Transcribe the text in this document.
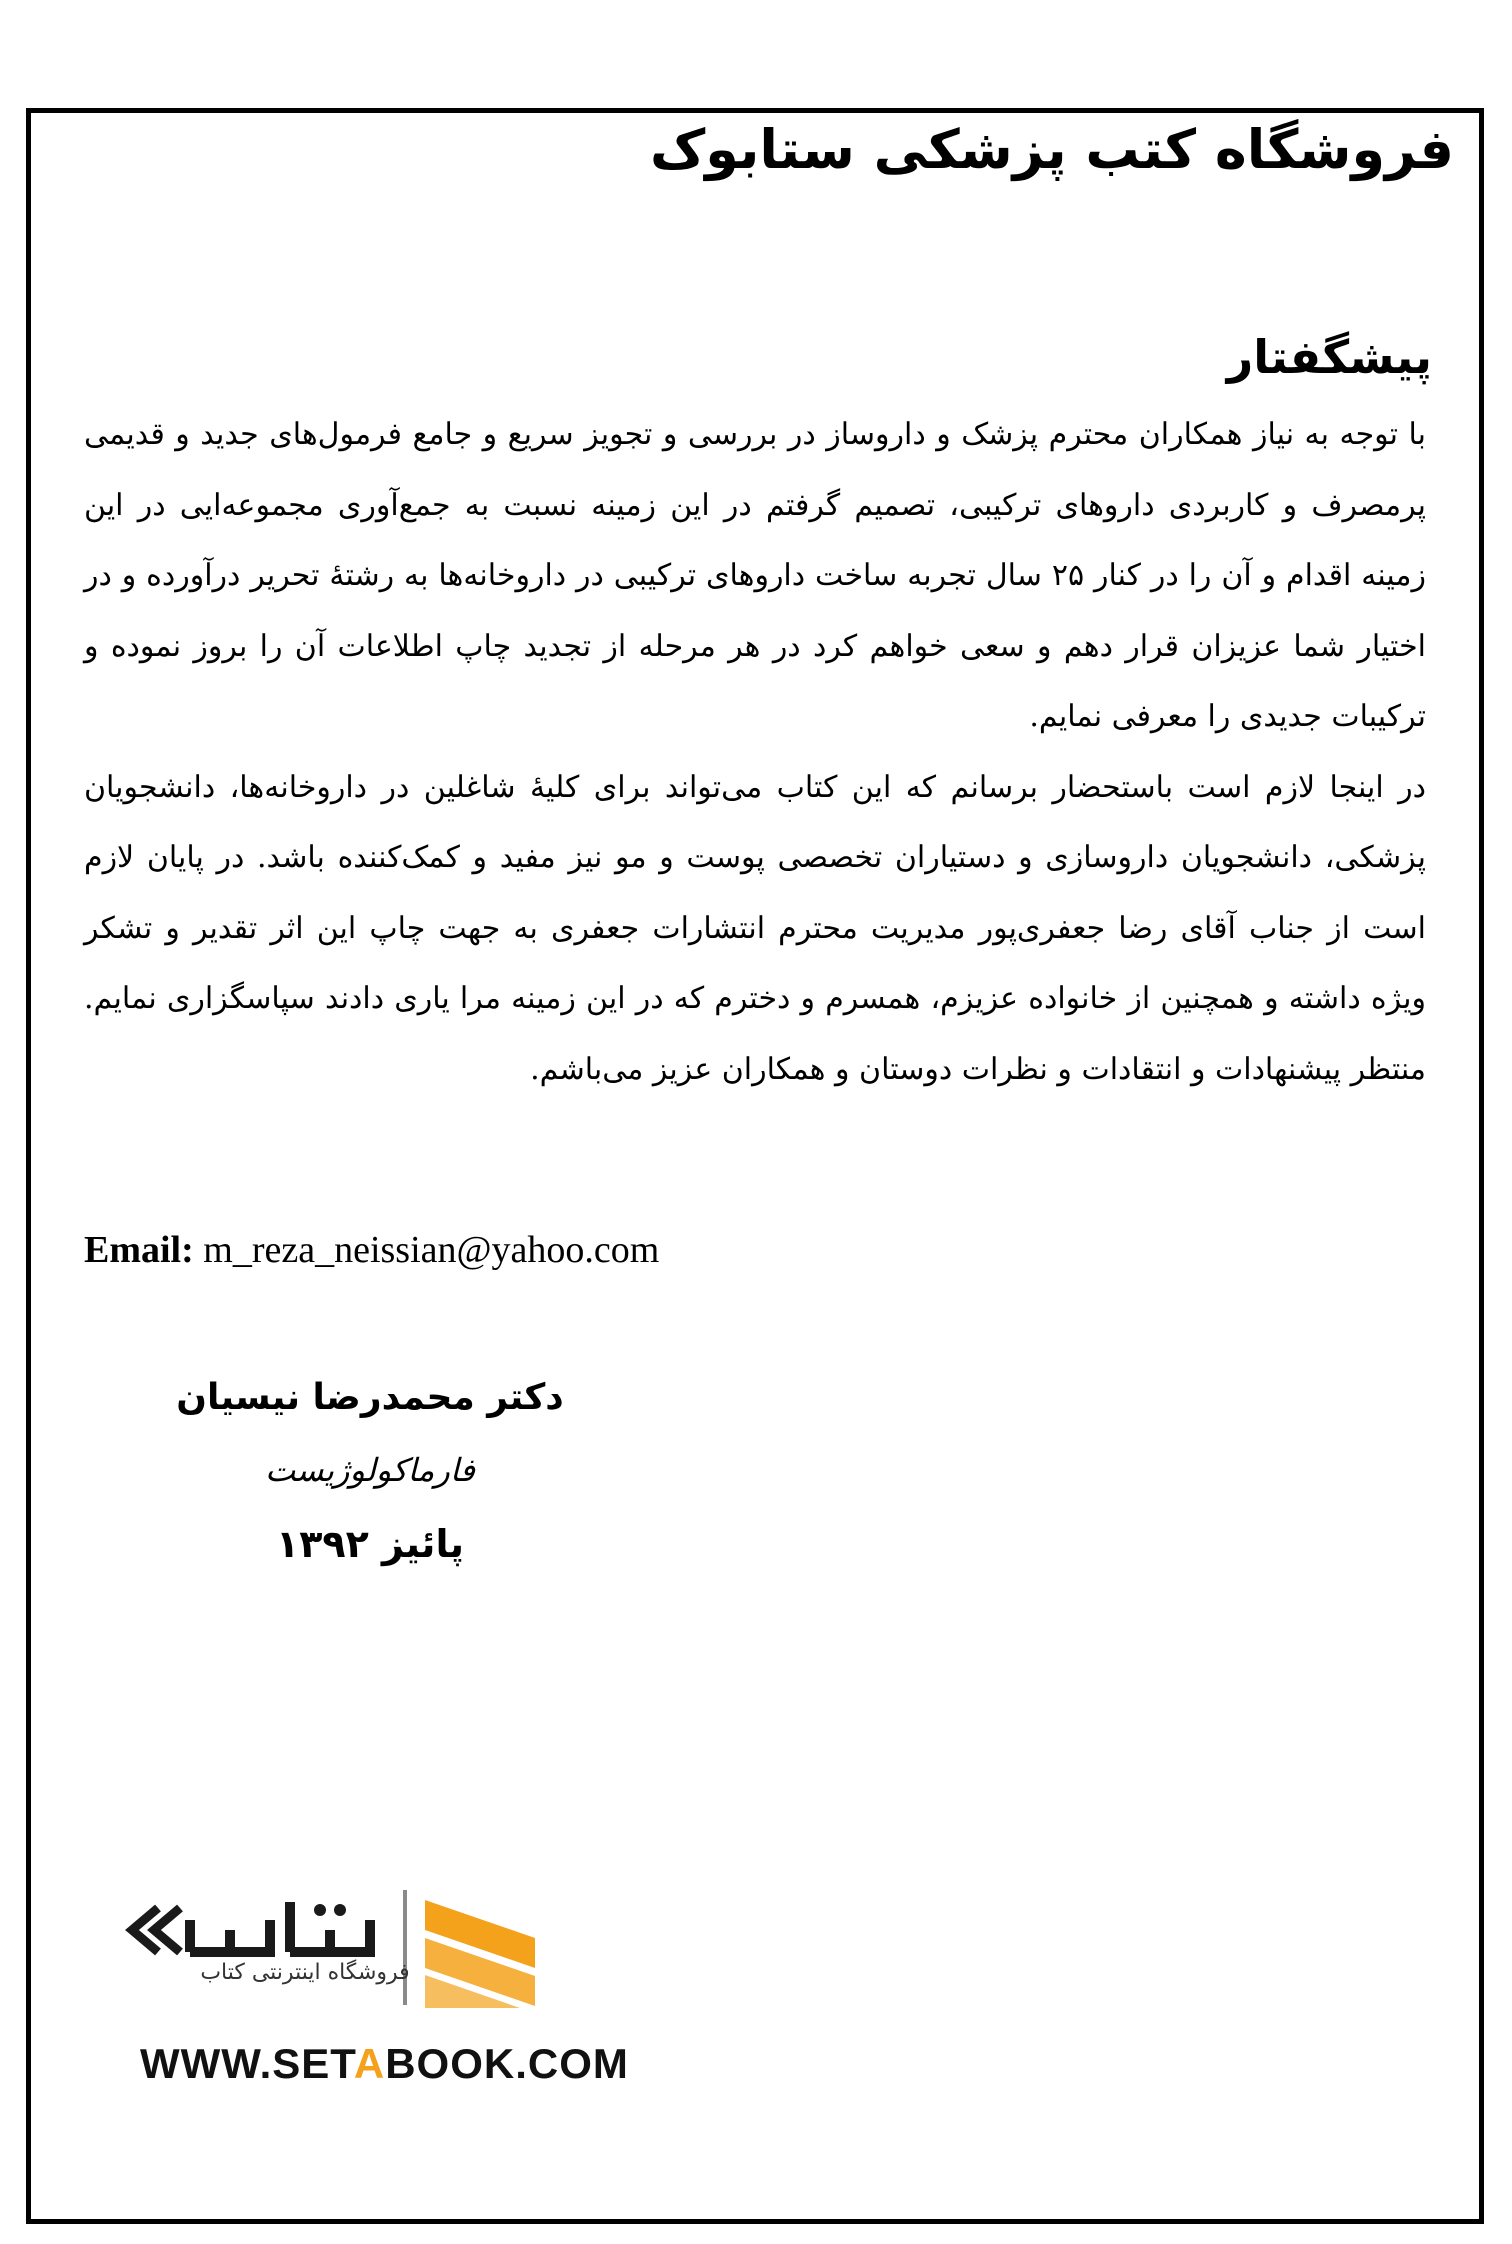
فروشگاه کتب پزشکی ستابوک
پیشگفتار

با توجه به نیاز همکاران محترم پزشک و داروساز در بررسی و تجویز سریع و جامع فرمول‌های جدید و قدیمی پرمصرف و کاربردی داروهای ترکیبی، تصمیم گرفتم در این زمینه نسبت به جمع‌آوری مجموعه‌ایی در این زمینه اقدام و آن را در کنار ۲۵ سال تجربه ساخت داروهای ترکیبی در داروخانه‌ها به رشتهٔ تحریر درآورده و در اختیار شما عزیزان قرار دهم و سعی خواهم کرد در هر مرحله از تجدید چاپ اطلاعات آن را بروز نموده و ترکیبات جدیدی را معرفی نمایم.

در اینجا لازم است باستحضار برسانم که این کتاب می‌تواند برای کلیهٔ شاغلین در داروخانه‌ها، دانشجویان پزشکی، دانشجویان داروسازی و دستیاران تخصصی پوست و مو نیز مفید و کمک‌کننده باشد. در پایان لازم است از جناب آقای رضا جعفری‌پور مدیریت محترم انتشارات جعفری به جهت چاپ این اثر تقدیر و تشکر ویژه داشته و همچنین از خانواده عزیزم، همسرم و دخترم که در این زمینه مرا یاری دادند سپاسگزاری نمایم. منتظر پیشنهادات و انتقادات و نظرات دوستان و همکاران عزیز می‌باشم.

Email: m_reza_neissian@yahoo.com
دکتر محمدرضا نیسیان
فارماکولوژیست
پائیز ۱۳۹۲
فروشگاه اینترنتی کتاب
WWW.SETABOOK.COM
